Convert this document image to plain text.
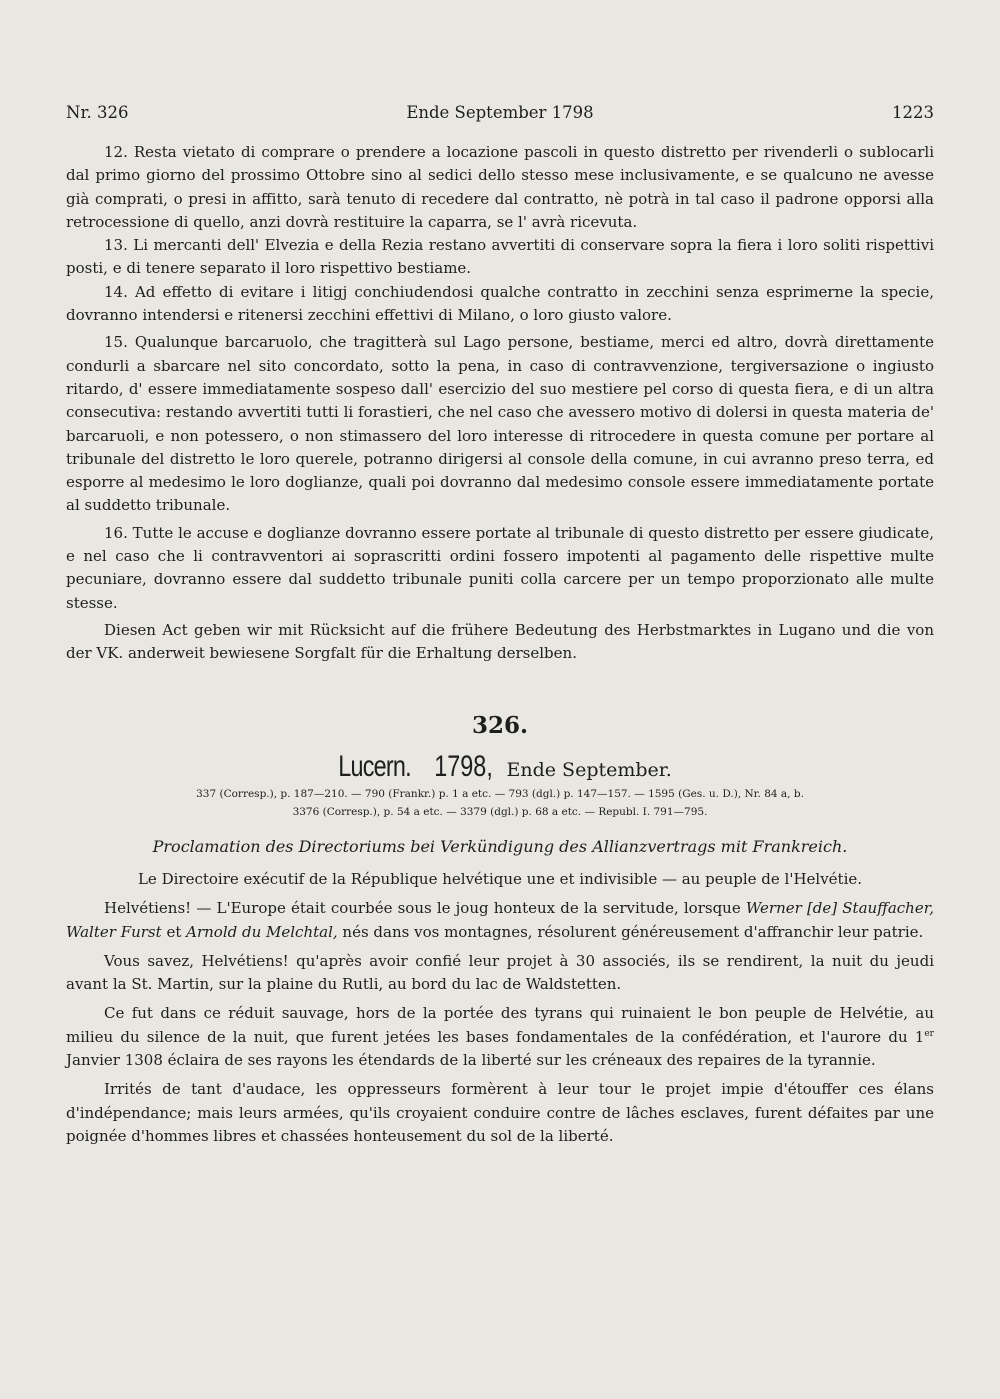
Nr. 326	Ende September 1798	1223

12. Resta vietato di comprare o prendere a locazione pascoli in questo distretto per rivenderli o sublocarli dal primo giorno del prossimo Ottobre sino al sedici dello stesso mese inclusivamente, e se qualcuno ne avesse già comprati, o presi in affitto, sarà tenuto di recedere dal contratto, nè potrà in tal caso il padrone opporsi alla retrocessione di quello, anzi dovrà restituire la caparra, se l' avrà ricevuta.

13. Li mercanti dell' Elvezia e della Rezia restano avvertiti di conservare sopra la fiera i loro soliti rispettivi posti, e di tenere separato il loro rispettivo bestiame.

14. Ad effetto di evitare i litigj conchiudendosi qualche contratto in zecchini senza esprimerne la specie, dovranno intendersi e ritenersi zecchini effettivi di Milano, o loro giusto valore.

15. Qualunque barcaruolo, che tragitterà sul Lago persone, bestiame, merci ed altro, dovrà direttamente condurli a sbarcare nel sito concordato, sotto la pena, in caso di contravvenzione, tergiversazione o ingiusto ritardo, d' essere immediatamente sospeso dall' esercizio del suo mestiere pel corso di questa fiera, e di un altra consecutiva: restando avvertiti tutti li forastieri, che nel caso che avessero motivo di dolersi in questa materia de' barcaruoli, e non potessero, o non stimassero del loro interesse di ritrocedere in questa comune per portare al tribunale del distretto le loro querele, potranno dirigersi al console della comune, in cui avranno preso terra, ed esporre al medesimo le loro doglianze, quali poi dovranno dal medesimo console essere immediatamente portate al suddetto tribunale.

16. Tutte le accuse e doglianze dovranno essere portate al tribunale di questo distretto per essere giudicate, e nel caso che li contravventori ai soprascritti ordini fossero impotenti al pagamento delle rispettive multe pecuniare, dovranno essere dal suddetto tribunale puniti colla carcere per un tempo proporzionato alle multe stesse.

Diesen Act geben wir mit Rücksicht auf die frühere Bedeutung des Herbstmarktes in Lugano und die von der VK. anderweit bewiesene Sorgfalt für die Erhaltung derselben.

326.
Lucern. 1798, Ende September.
337 (Corresp.), p. 187—210. — 790 (Frankr.) p. 1 a etc. — 793 (dgl.) p. 147—157. — 1595 (Ges. u. D.), Nr. 84 a, b.
3376 (Corresp.), p. 54 a etc. — 3379 (dgl.) p. 68 a etc. — Republ. I. 791—795.
Proclamation des Directoriums bei Verkündigung des Allianzvertrags mit Frankreich.

Le Directoire exécutif de la République helvétique une et indivisible — au peuple de l'Helvétie.

Helvétiens! — L'Europe était courbée sous le joug honteux de la servitude, lorsque Werner [de] Stauffacher, Walter Furst et Arnold du Melchtal, nés dans vos montagnes, résolurent généreusement d'affranchir leur patrie.

Vous savez, Helvétiens! qu'après avoir confié leur projet à 30 associés, ils se rendirent, la nuit du jeudi avant la St. Martin, sur la plaine du Rutli, au bord du lac de Waldstetten.

Ce fut dans ce réduit sauvage, hors de la portée des tyrans qui ruinaient le bon peuple de Helvétie, au milieu du silence de la nuit, que furent jetées les bases fondamentales de la confédération, et l'aurore du 1er Janvier 1308 éclaira de ses rayons les étendards de la liberté sur les créneaux des repaires de la tyrannie.

Irrités de tant d'audace, les oppresseurs formèrent à leur tour le projet impie d'étouffer ces élans d'indépendance; mais leurs armées, qu'ils croyaient conduire contre de lâches esclaves, furent défaites par une poignée d'hommes libres et chassées honteusement du sol de la liberté.
